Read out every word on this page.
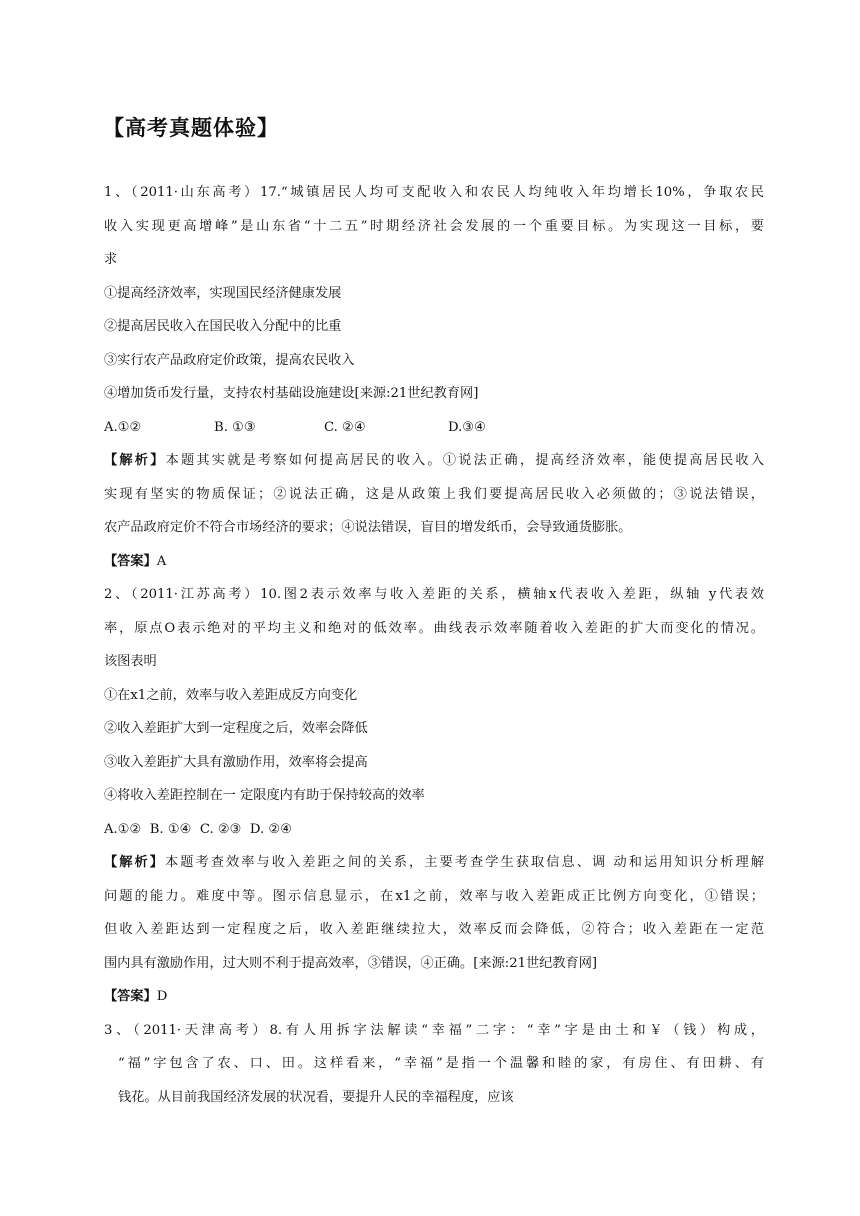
【高考真题体验】
1、（2011·山东高考）17.“城镇居民人均可支配收入和农民人均纯收入年均增长10%，争取农民
收入实现更高增峰”是山东省“十二五”时期经济社会发展的一个重要目标。为实现这一目标，要
求
①提高经济效率，实现国民经济健康发展
②提高居民收入在国民收入分配中的比重
③实行农产品政府定价政策，提高农民收入
④增加货币发行量，支持农村基础设施建设[来源:21世纪教育网]
A.①②	B. ①③	C. ②④	D.③④
【解析】本题其实就是考察如何提高居民的收入。①说法正确，提高经济效率，能使提高居民收入
实现有坚实的物质保证；②说法正确，这是从政策上我们要提高居民收入必须做的；③说法错误，
农产品政府定价不符合市场经济的要求；④说法错误，盲目的增发纸币，会导致通货膨胀。
【答案】A
2、（2011·江苏高考）10.图2表示效率与收入差距的关系，横轴x代表收入差距，纵轴 y代表效
率，原点O表示绝对的平均主义和绝对的低效率。曲线表示效率随着收入差距的扩大而变化的情况。
该图表明
①在x1之前，效率与收入差距成反方向变化
②收入差距扩大到一定程度之后，效率会降低
③收入差距扩大具有激励作用，效率将会提高
④将收入差距控制在一 定限度内有助于保持较高的效率
A.①②  B. ①④  C. ②③  D. ②④
【解析】本题考查效率与收入差距之间的关系，主要考查学生获取信息、调 动和运用知识分析理解
问题的能力。难度中等。图示信息显示，在x1之前，效率与收入差距成正比例方向变化，①错误；
但收入差距达到一定程度之后，收入差距继续拉大，效率反而会降低，②符合；收入差距在一定范
围内具有激励作用，过大则不利于提高效率，③错误，④正确。[来源:21世纪教育网]
【答案】D
3、（2011·天津高考）8.有人用拆字法解读“幸福”二字：“幸”字是由土和￥（钱）构成，
“福”字包含了农、口、田。这样看来，“幸福”是指一个温馨和睦的家，有房住、有田耕、有
钱花。从目前我国经济发展的状况看，要提升人民的幸福程度，应该
